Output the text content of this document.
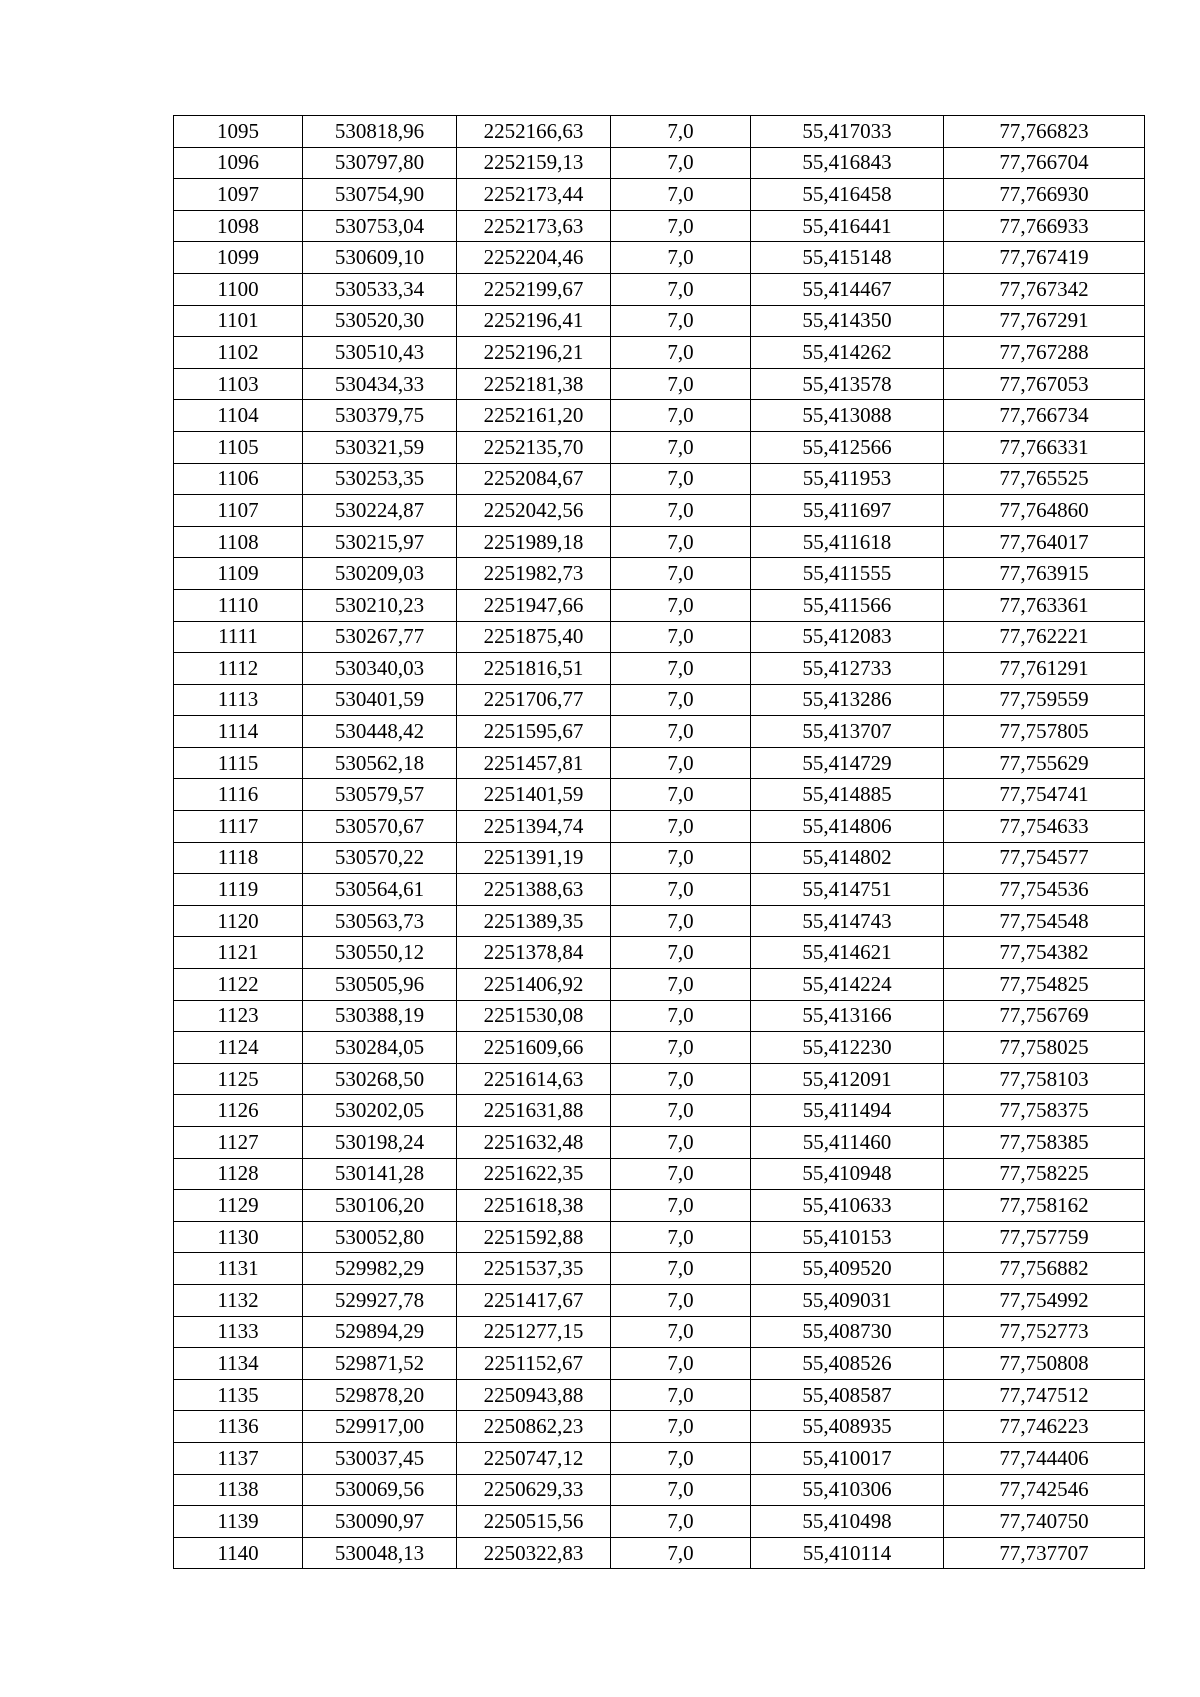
1095	530818,96	2252166,63	7,0	55,417033	77,766823
1096	530797,80	2252159,13	7,0	55,416843	77,766704
1097	530754,90	2252173,44	7,0	55,416458	77,766930
1098	530753,04	2252173,63	7,0	55,416441	77,766933
1099	530609,10	2252204,46	7,0	55,415148	77,767419
1100	530533,34	2252199,67	7,0	55,414467	77,767342
1101	530520,30	2252196,41	7,0	55,414350	77,767291
1102	530510,43	2252196,21	7,0	55,414262	77,767288
1103	530434,33	2252181,38	7,0	55,413578	77,767053
1104	530379,75	2252161,20	7,0	55,413088	77,766734
1105	530321,59	2252135,70	7,0	55,412566	77,766331
1106	530253,35	2252084,67	7,0	55,411953	77,765525
1107	530224,87	2252042,56	7,0	55,411697	77,764860
1108	530215,97	2251989,18	7,0	55,411618	77,764017
1109	530209,03	2251982,73	7,0	55,411555	77,763915
1110	530210,23	2251947,66	7,0	55,411566	77,763361
1111	530267,77	2251875,40	7,0	55,412083	77,762221
1112	530340,03	2251816,51	7,0	55,412733	77,761291
1113	530401,59	2251706,77	7,0	55,413286	77,759559
1114	530448,42	2251595,67	7,0	55,413707	77,757805
1115	530562,18	2251457,81	7,0	55,414729	77,755629
1116	530579,57	2251401,59	7,0	55,414885	77,754741
1117	530570,67	2251394,74	7,0	55,414806	77,754633
1118	530570,22	2251391,19	7,0	55,414802	77,754577
1119	530564,61	2251388,63	7,0	55,414751	77,754536
1120	530563,73	2251389,35	7,0	55,414743	77,754548
1121	530550,12	2251378,84	7,0	55,414621	77,754382
1122	530505,96	2251406,92	7,0	55,414224	77,754825
1123	530388,19	2251530,08	7,0	55,413166	77,756769
1124	530284,05	2251609,66	7,0	55,412230	77,758025
1125	530268,50	2251614,63	7,0	55,412091	77,758103
1126	530202,05	2251631,88	7,0	55,411494	77,758375
1127	530198,24	2251632,48	7,0	55,411460	77,758385
1128	530141,28	2251622,35	7,0	55,410948	77,758225
1129	530106,20	2251618,38	7,0	55,410633	77,758162
1130	530052,80	2251592,88	7,0	55,410153	77,757759
1131	529982,29	2251537,35	7,0	55,409520	77,756882
1132	529927,78	2251417,67	7,0	55,409031	77,754992
1133	529894,29	2251277,15	7,0	55,408730	77,752773
1134	529871,52	2251152,67	7,0	55,408526	77,750808
1135	529878,20	2250943,88	7,0	55,408587	77,747512
1136	529917,00	2250862,23	7,0	55,408935	77,746223
1137	530037,45	2250747,12	7,0	55,410017	77,744406
1138	530069,56	2250629,33	7,0	55,410306	77,742546
1139	530090,97	2250515,56	7,0	55,410498	77,740750
1140	530048,13	2250322,83	7,0	55,410114	77,737707
